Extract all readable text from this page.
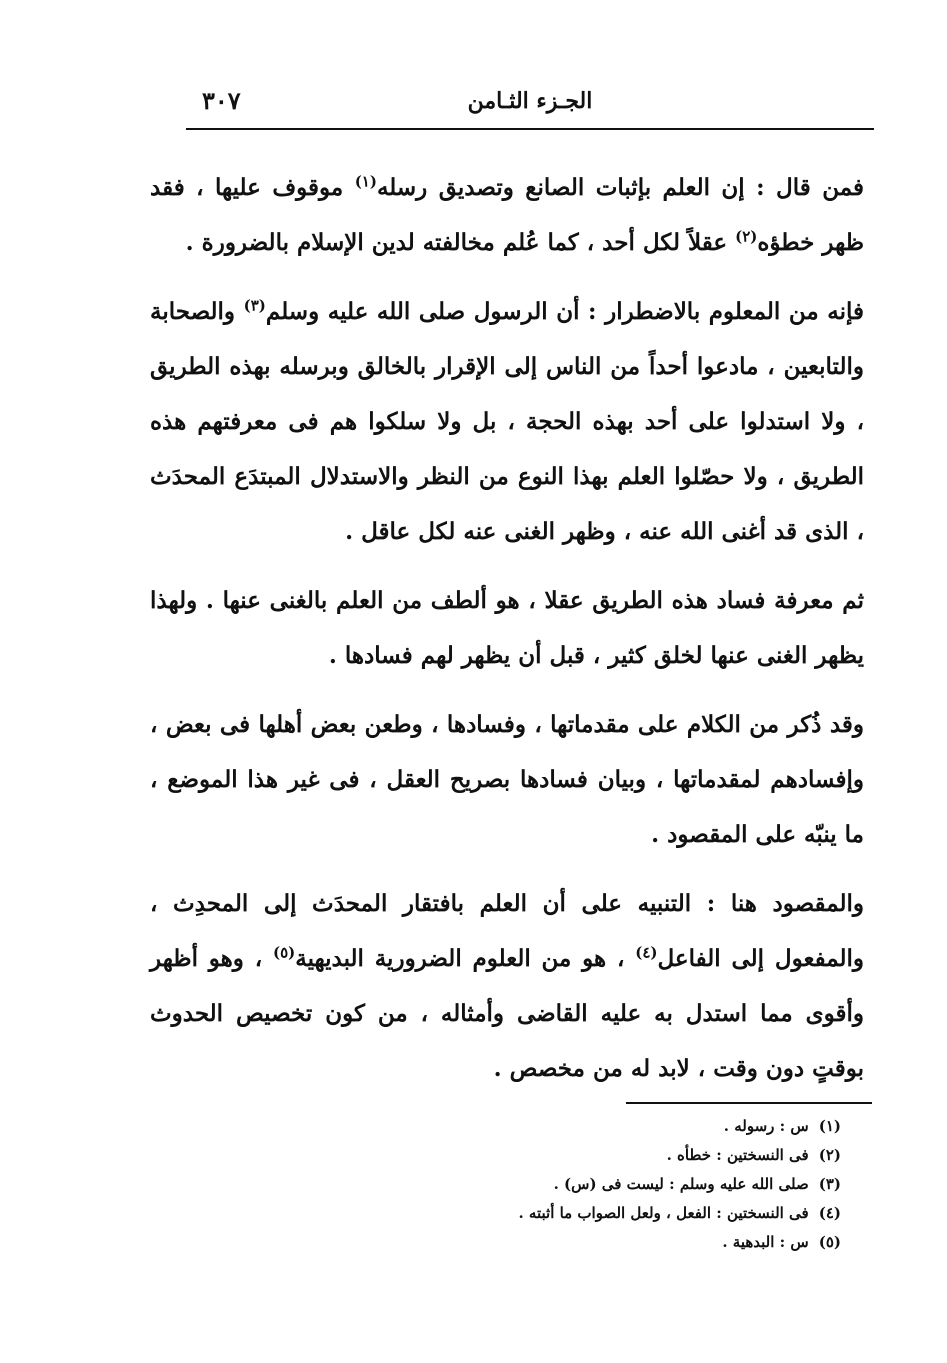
الجـزء الثـامن
٣٠٧

فمن قال : إن العلم بإثبات الصانع وتصديق رسله$^{(١)}$ موقوف عليها ، فقد ظهر خطؤه$^{(٢)}$ عقلاً لكل أحد ، كما عُلم مخالفته لدين الإسلام بالضرورة .

فإنه من المعلوم بالاضطرار : أن الرسول صلى الله عليه وسلم$^{(٣)}$ والصحابة والتابعين ، مادعوا أحداً من الناس إلى الإقرار بالخالق وبرسله بهذه الطريق ، ولا استدلوا على أحد بهذه الحجة ، بل ولا سلكوا هم فى معرفتهم هذه الطريق ، ولا حصّلوا العلم بهذا النوع من النظر والاستدلال المبتدَع المحدَث ، الذى قد أغنى الله عنه ، وظهر الغنى عنه لكل عاقل .

ثم معرفة فساد هذه الطريق عقلا ، هو ألطف من العلم بالغنى عنها . ولهذا يظهر الغنى عنها لخلق كثير ، قبل أن يظهر لهم فسادها .

وقد ذُكر من الكلام على مقدماتها ، وفسادها ، وطعن بعض أهلها فى بعض ، وإفسادهم لمقدماتها ، وبيان فسادها بصريح العقل ، فى غير هذا الموضع ، ما ينبّه على المقصود .

والمقصود هنا : التنبيه على أن العلم بافتقار المحدَث إلى المحدِث ، والمفعول إلى الفاعل$^{(٤)}$ ، هو من العلوم الضرورية البديهية$^{(٥)}$ ، وهو أظهر وأقوى مما استدل به عليه القاضى وأمثاله ، من كون تخصيص الحدوث بوقتٍ دون وقت ، لابد له من مخصص .

(١)س : رسوله .
(٢)فى النسختين : خطأه .
(٣)صلى الله عليه وسلم : ليست فى (س) .
(٤)فى النسختين : الفعل ، ولعل الصواب ما أثبته .
(٥)س : البدهية .
